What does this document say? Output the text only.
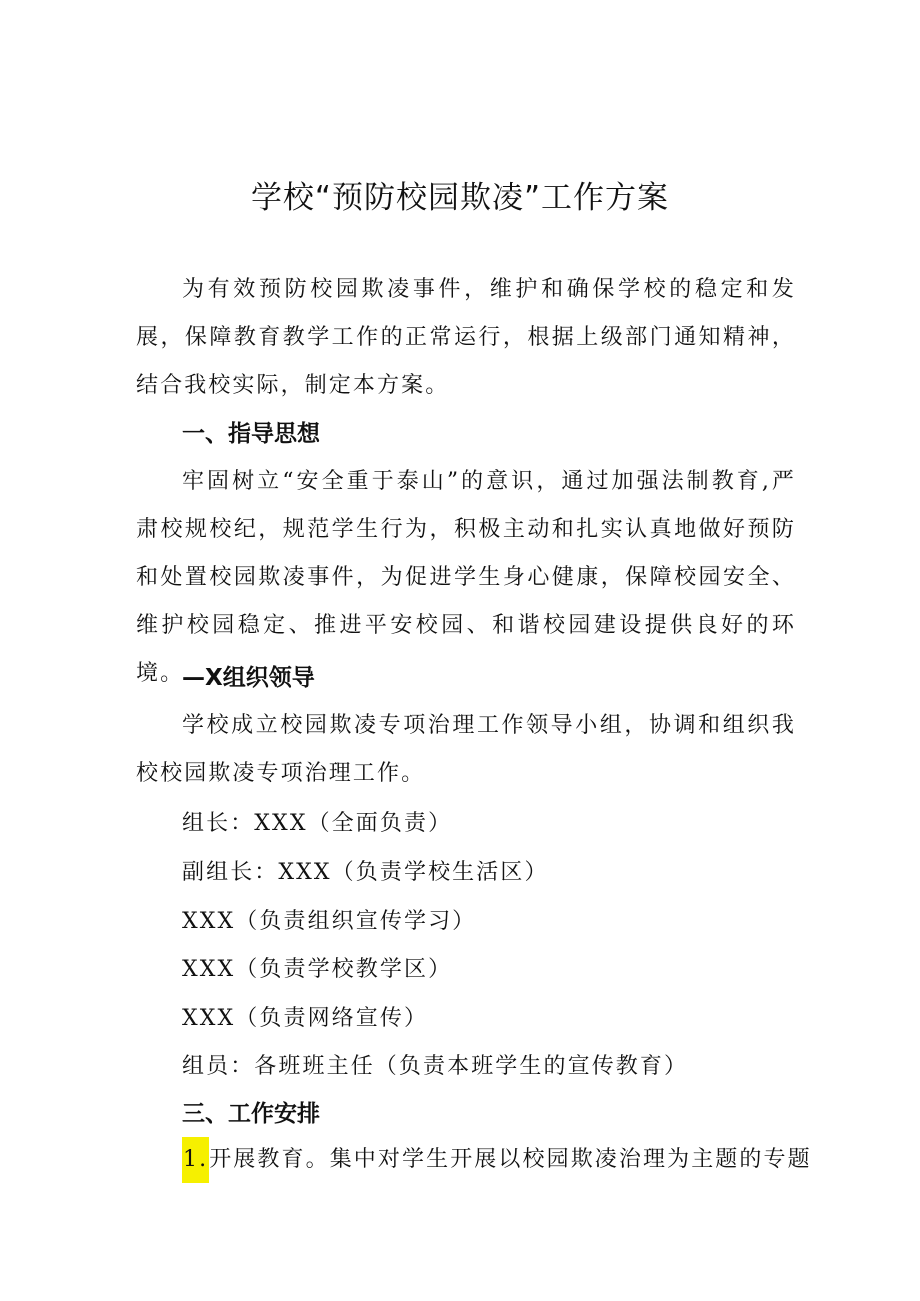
学校“预防校园欺凌”工作方案

为有效预防校园欺凌事件，维护和确保学校的稳定和发展，保障教育教学工作的正常运行，根据上级部门通知精神，结合我校实际，制定本方案。

一、指导思想

牢固树立“安全重于泰山”的意识，通过加强法制教育,严肃校规校纪，规范学生行为，积极主动和扎实认真地做好预防和处置校园欺凌事件，为促进学生身心健康，保障校园安全、维护校园稳定、推进平安校园、和谐校园建设提供良好的环境。

—X组织领导

学校成立校园欺凌专项治理工作领导小组，协调和组织我校校园欺凌专项治理工作。

组长：XXX（全面负责）

副组长：XXX（负责学校生活区）

XXX（负责组织宣传学习）

XXX（负责学校教学区）

XXX（负责网络宣传）

组员：各班班主任（负责本班学生的宣传教育）

三、工作安排

1.开展教育。集中对学生开展以校园欺凌治理为主题的专题
